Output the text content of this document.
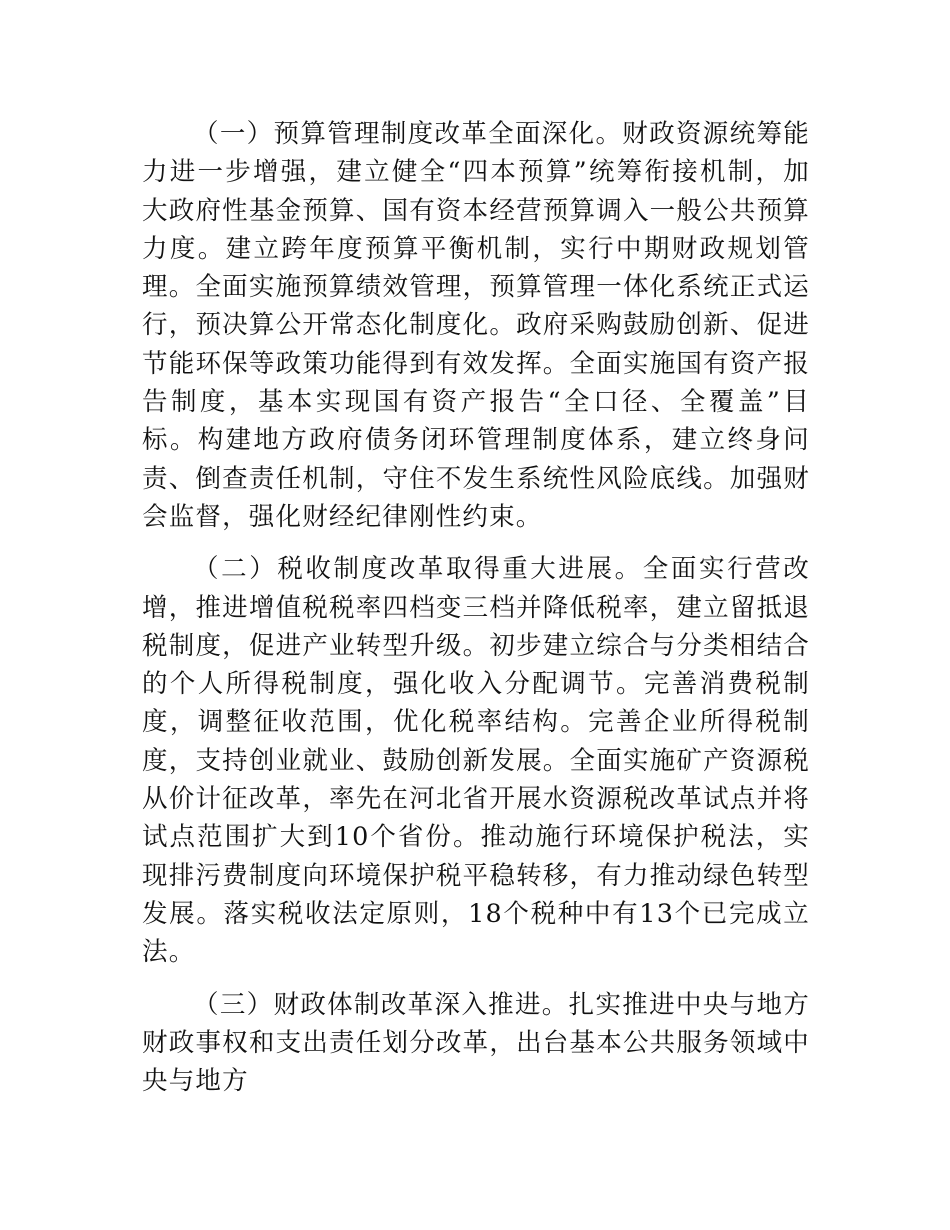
（一）预算管理制度改革全面深化。财政资源统筹能力进一步增强，建立健全“四本预算”统筹衔接机制，加大政府性基金预算、国有资本经营预算调入一般公共预算力度。建立跨年度预算平衡机制，实行中期财政规划管理。全面实施预算绩效管理，预算管理一体化系统正式运行，预决算公开常态化制度化。政府采购鼓励创新、促进节能环保等政策功能得到有效发挥。全面实施国有资产报告制度，基本实现国有资产报告“全口径、全覆盖”目标。构建地方政府债务闭环管理制度体系，建立终身问责、倒查责任机制，守住不发生系统性风险底线。加强财会监督，强化财经纪律刚性约束。

（二）税收制度改革取得重大进展。全面实行营改增，推进增值税税率四档变三档并降低税率，建立留抵退税制度，促进产业转型升级。初步建立综合与分类相结合的个人所得税制度，强化收入分配调节。完善消费税制度，调整征收范围，优化税率结构。完善企业所得税制度，支持创业就业、鼓励创新发展。全面实施矿产资源税从价计征改革，率先在河北省开展水资源税改革试点并将试点范围扩大到10个省份。推动施行环境保护税法，实现排污费制度向环境保护税平稳转移，有力推动绿色转型发展。落实税收法定原则，18个税种中有13个已完成立法。

（三）财政体制改革深入推进。扎实推进中央与地方财政事权和支出责任划分改革，出台基本公共服务领域中央与地方
